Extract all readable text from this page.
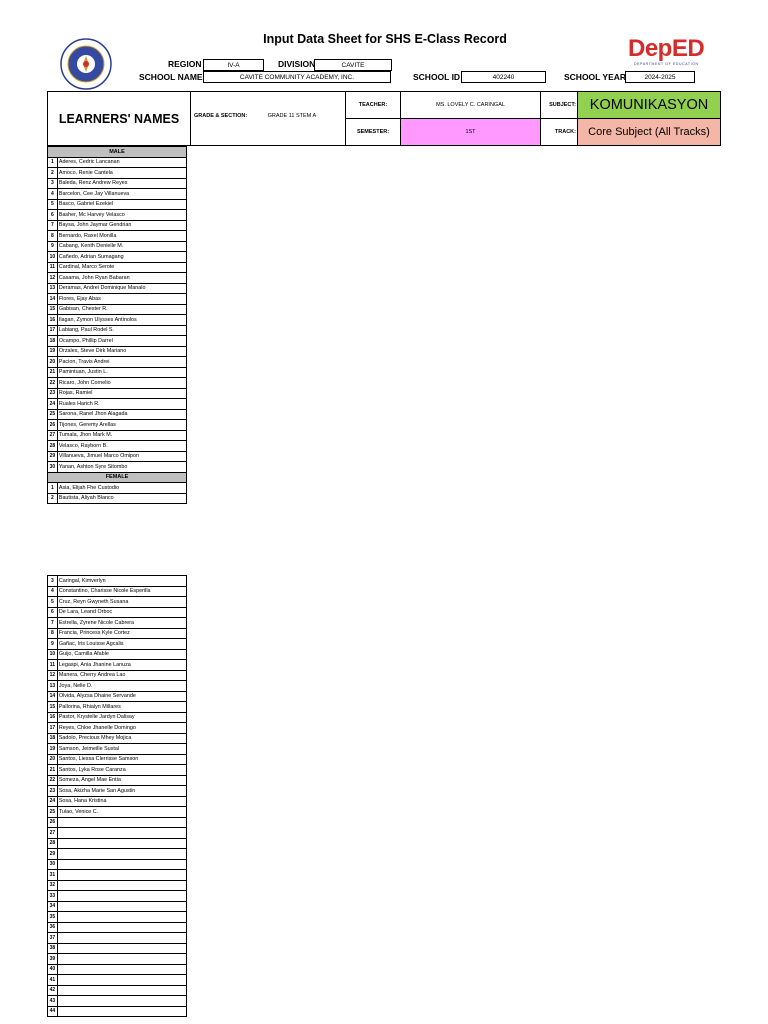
Input Data Sheet for SHS E-Class Record	DepED
DEPARTMENT OF EDUCATION
REGION	IV-A	DIVISION	CAVITE
SCHOOL NAME	CAVITE COMMUNITY ACADEMY, INC.	SCHOOL ID	402240	SCHOOL YEAR	2024-2025
LEARNERS' NAMES	GRADE & SECTION: GRADE 11 STEM A	TEACHER:	MS. LOVELY C. CARINGAL	SUBJECT:	KOMUNIKASYON
		SEMESTER:	1ST	TRACK:	Core Subject (All Tracks)
MALE	
1	Aderes, Cedric Lancanan
2	Amoco, Renie Cantela
3	Baleda, Renz Andrew Reyes
4	Barcelon, Cee Jay Villanueva
5	Basco, Gabriel Ezekiel
6	Basher, Mc Harvey Velasco
7	Baysa, John Jaymar Gendrian
8	Bernardo, Raxel Monilla
9	Cabang, Kenth Denielle M.
10	Cañedo, Adrian Sumagang
11	Cardinal, Marco Serote
12	Casama, John Ryan Babaran
13	Deramas, Andrei Dominique Manalo
14	Flores, Ejay Abas
15	Gabisan, Chester R.
16	Ilagan, Zymon Ulysses Antinolos
17	Labiang, Paul Rodel S.
18	Ocampo, Phillip Darrel
19	Orzales, Steve Dirk Mariano
20	Pacion, Travis Andrei
21	Pamintuan, Justin L.
22	Ricaro, John Cornelio
23	Rojas, Ramiel
24	Ruales Harich R.
25	Sarona, Ranel Jhon Alagada
26	Tijones, Geremy Arellas
27	Tumala, Jhon Mark M.
28	Velasco, Rayborn B.
29	Villanueva, Jimuel Marco Omipon
30	Yanan, Ashton Syre Sitombo
FEMALE	
1	Asia, Elijah Fhe Custodio
2	Bautista, Aliyah Blanco
3	Caringal, Kimverlyn
4	Constantino, Charisse Nicole Esperilla
5	Cruz, Reyn Gwyneth Susana
6	De Lara, Leand Orboc
7	Estrella, Zyrene Nicole Cabrera
8	Francia, Princess Kyle Cortez
9	Gañac, Iris Louisse Agcalis
10	Guijo, Camilla Afable
11	Legaspi, Ania Jhanine Lanuza
12	Manera, Cherry Andrea Lao
13	Joya, Nelle D.
14	Olvida, Alyzsa Dhaine Servande
15	Pallorina, Rhialyn Millares
16	Pastor, Krystelle Jardyn Dalisay
17	Reyes, Chloe Jhanelle Domingo
18	Sadolo, Precious Mhey Mojica
19	Samson, Jeimeille Sustal
20	Santos, Liessa Clerrisse Samson
21	Santos, Lyka Rose Caranza
22	Someza, Angel Mae Entia
23	Sosa, Akizha Marie San Agustin
24	Sosa, Hana Kristina
25	Tulao, Venice C.
26	
27	
28	
29	
30	
31	
32	
33	
34	
35	
36	
37	
38	
39	
40	
41	
42	
43	
44	
